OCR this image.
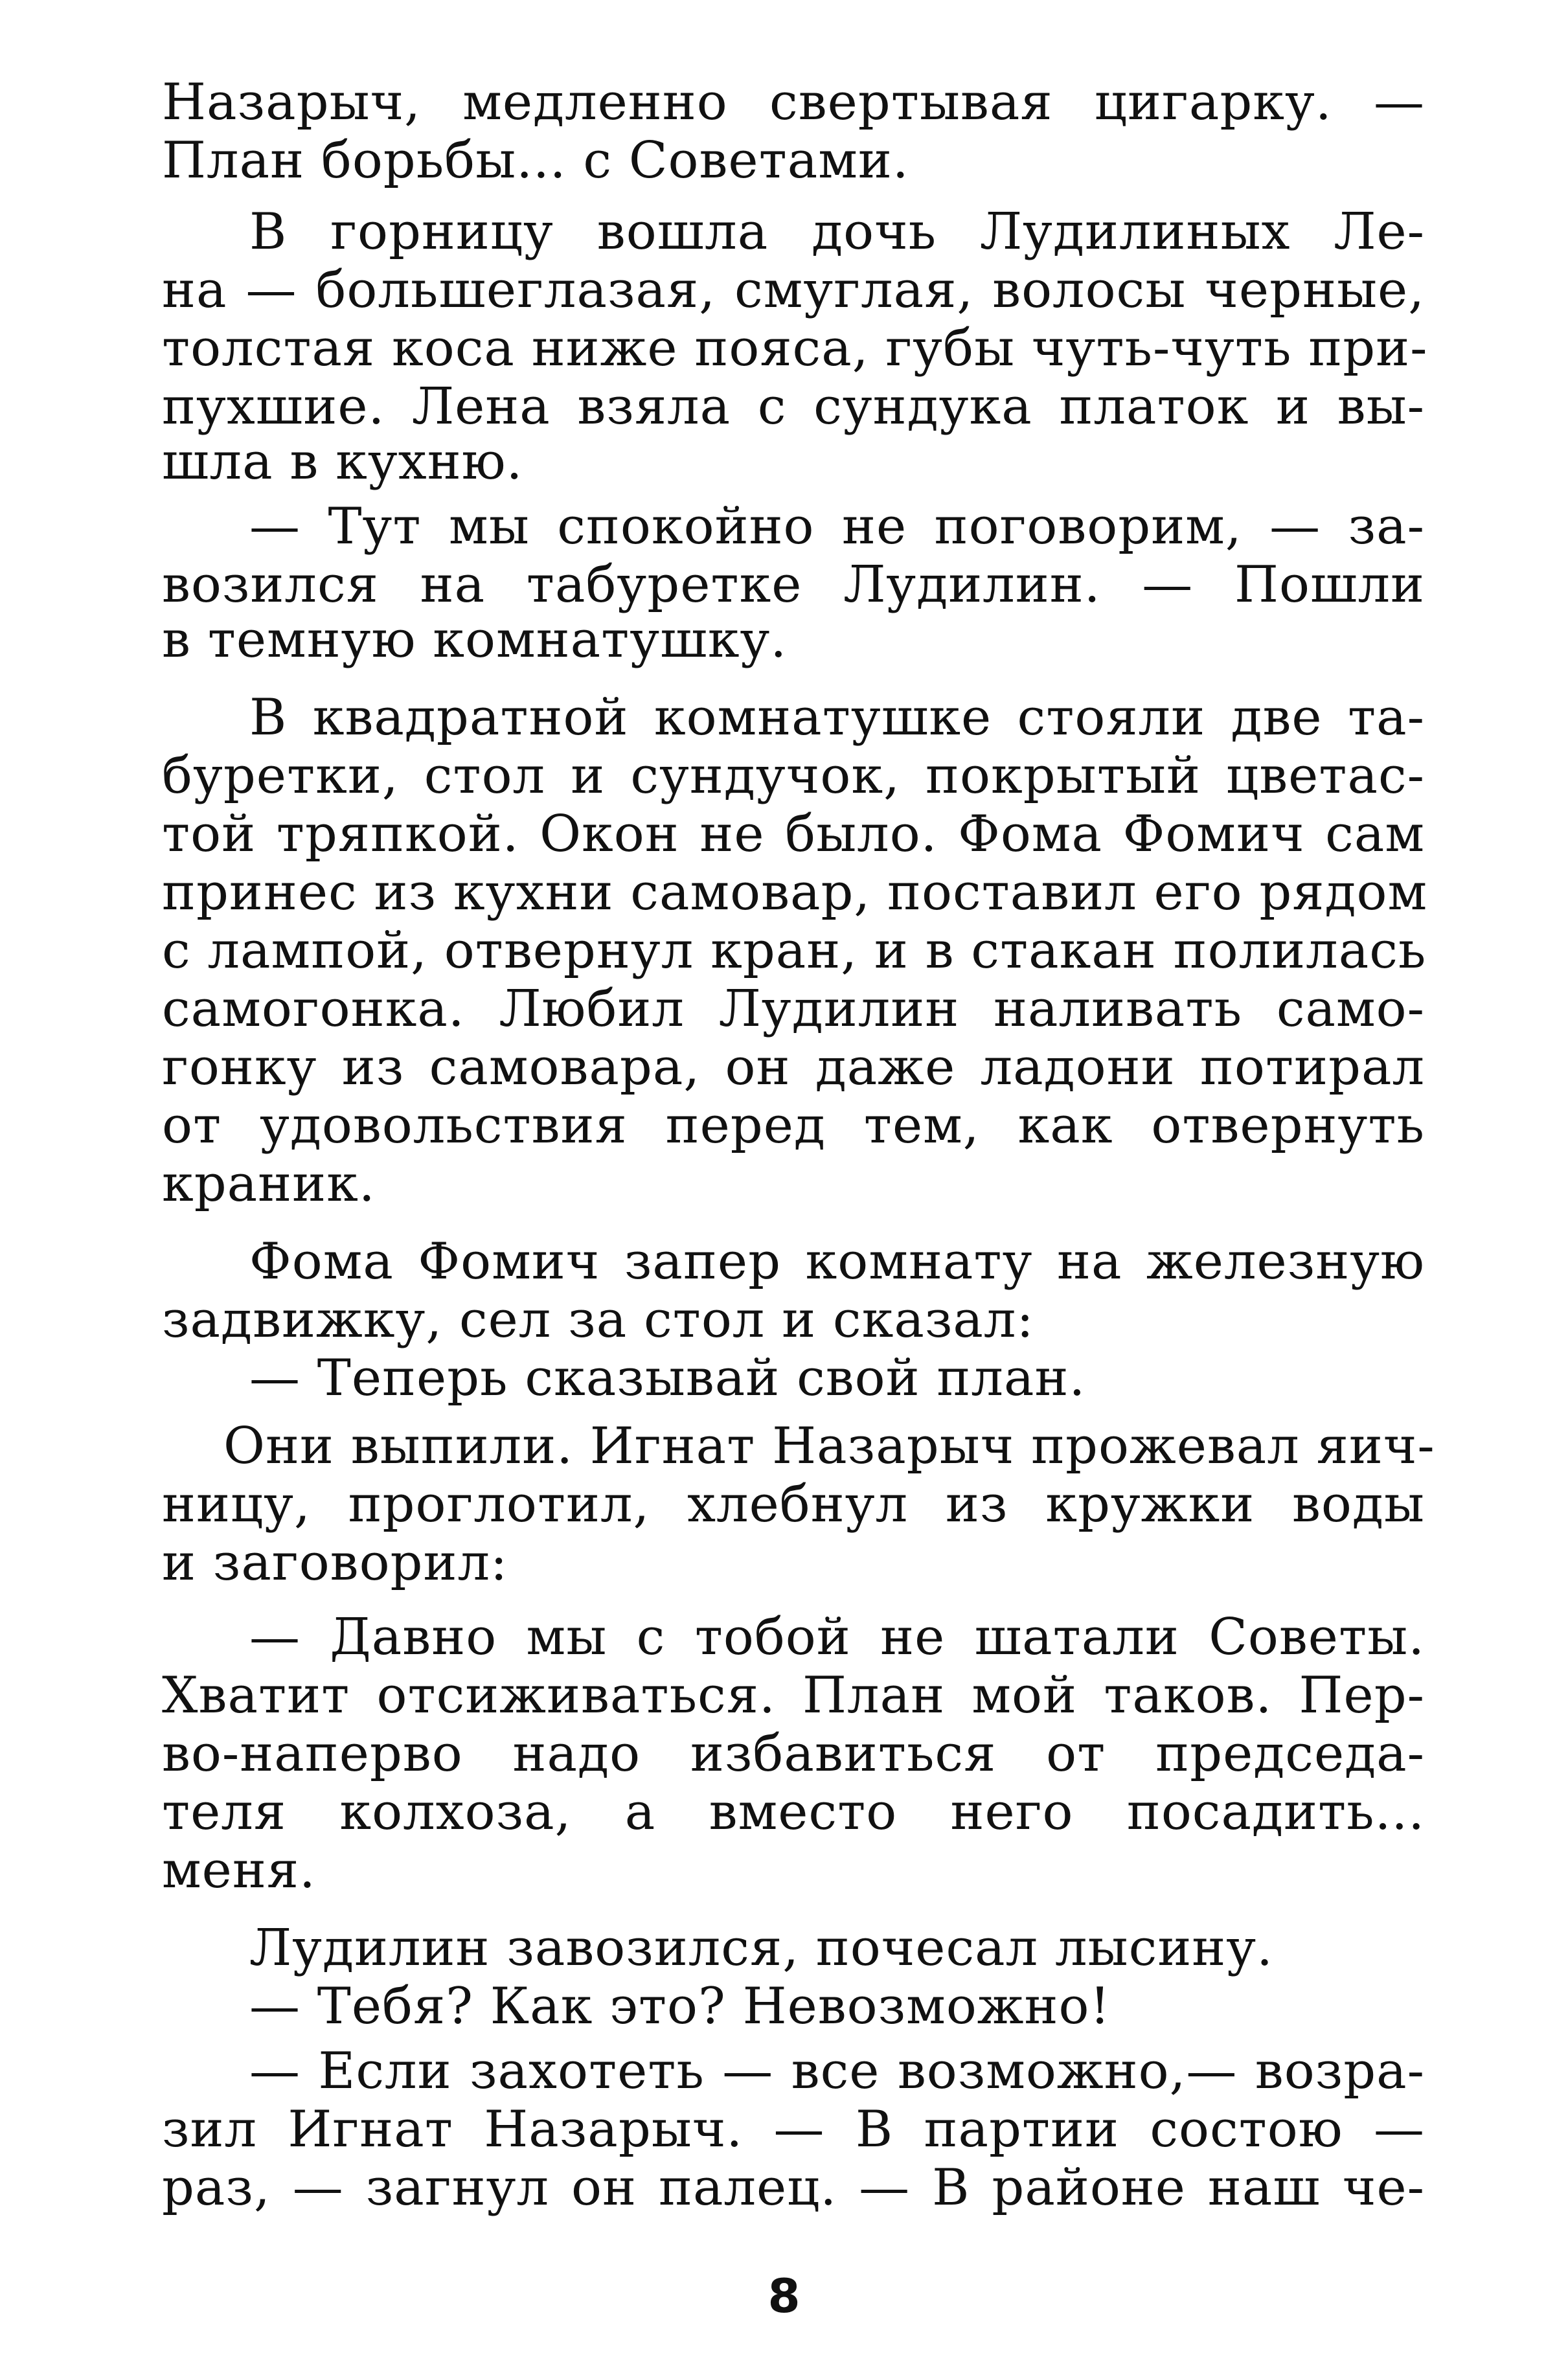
Назарыч, медленно свертывая цигарку. —
План борьбы... с Советами.
В горницу вошла дочь Лудилиных Ле-
на — большеглазая, смуглая, волосы черные,
толстая коса ниже пояса, губы чуть-чуть при-
пухшие. Лена взяла с сундука платок и вы-
шла в кухню.
— Тут мы спокойно не поговорим, — за-
возился на табуретке Лудилин. — Пошли
в темную комнатушку.
В квадратной комнатушке стояли две та-
буретки, стол и сундучок, покрытый цветас-
той тряпкой. Окон не было. Фома Фомич сам
принес из кухни самовар, поставил его рядом
с лампой, отвернул кран, и в стакан полилась
самогонка. Любил Лудилин наливать само-
гонку из самовара, он даже ладони потирал
от удовольствия перед тем, как отвернуть
краник.
Фома Фомич запер комнату на железную
задвижку, сел за стол и сказал:
— Теперь сказывай свой план.
Они выпили. Игнат Назарыч прожевал яич-
ницу, проглотил, хлебнул из кружки воды
и заговорил:
— Давно мы с тобой не шатали Советы.
Хватит отсиживаться. План мой таков. Пер-
во-наперво надо избавиться от председа-
теля колхоза, а вместо него посадить...
меня.
Лудилин завозился, почесал лысину.
— Тебя? Как это? Невозможно!
— Если захотеть — все возможно,— возра-
зил Игнат Назарыч. — В партии состою —
раз, — загнул он палец. — В районе наш че-
8
